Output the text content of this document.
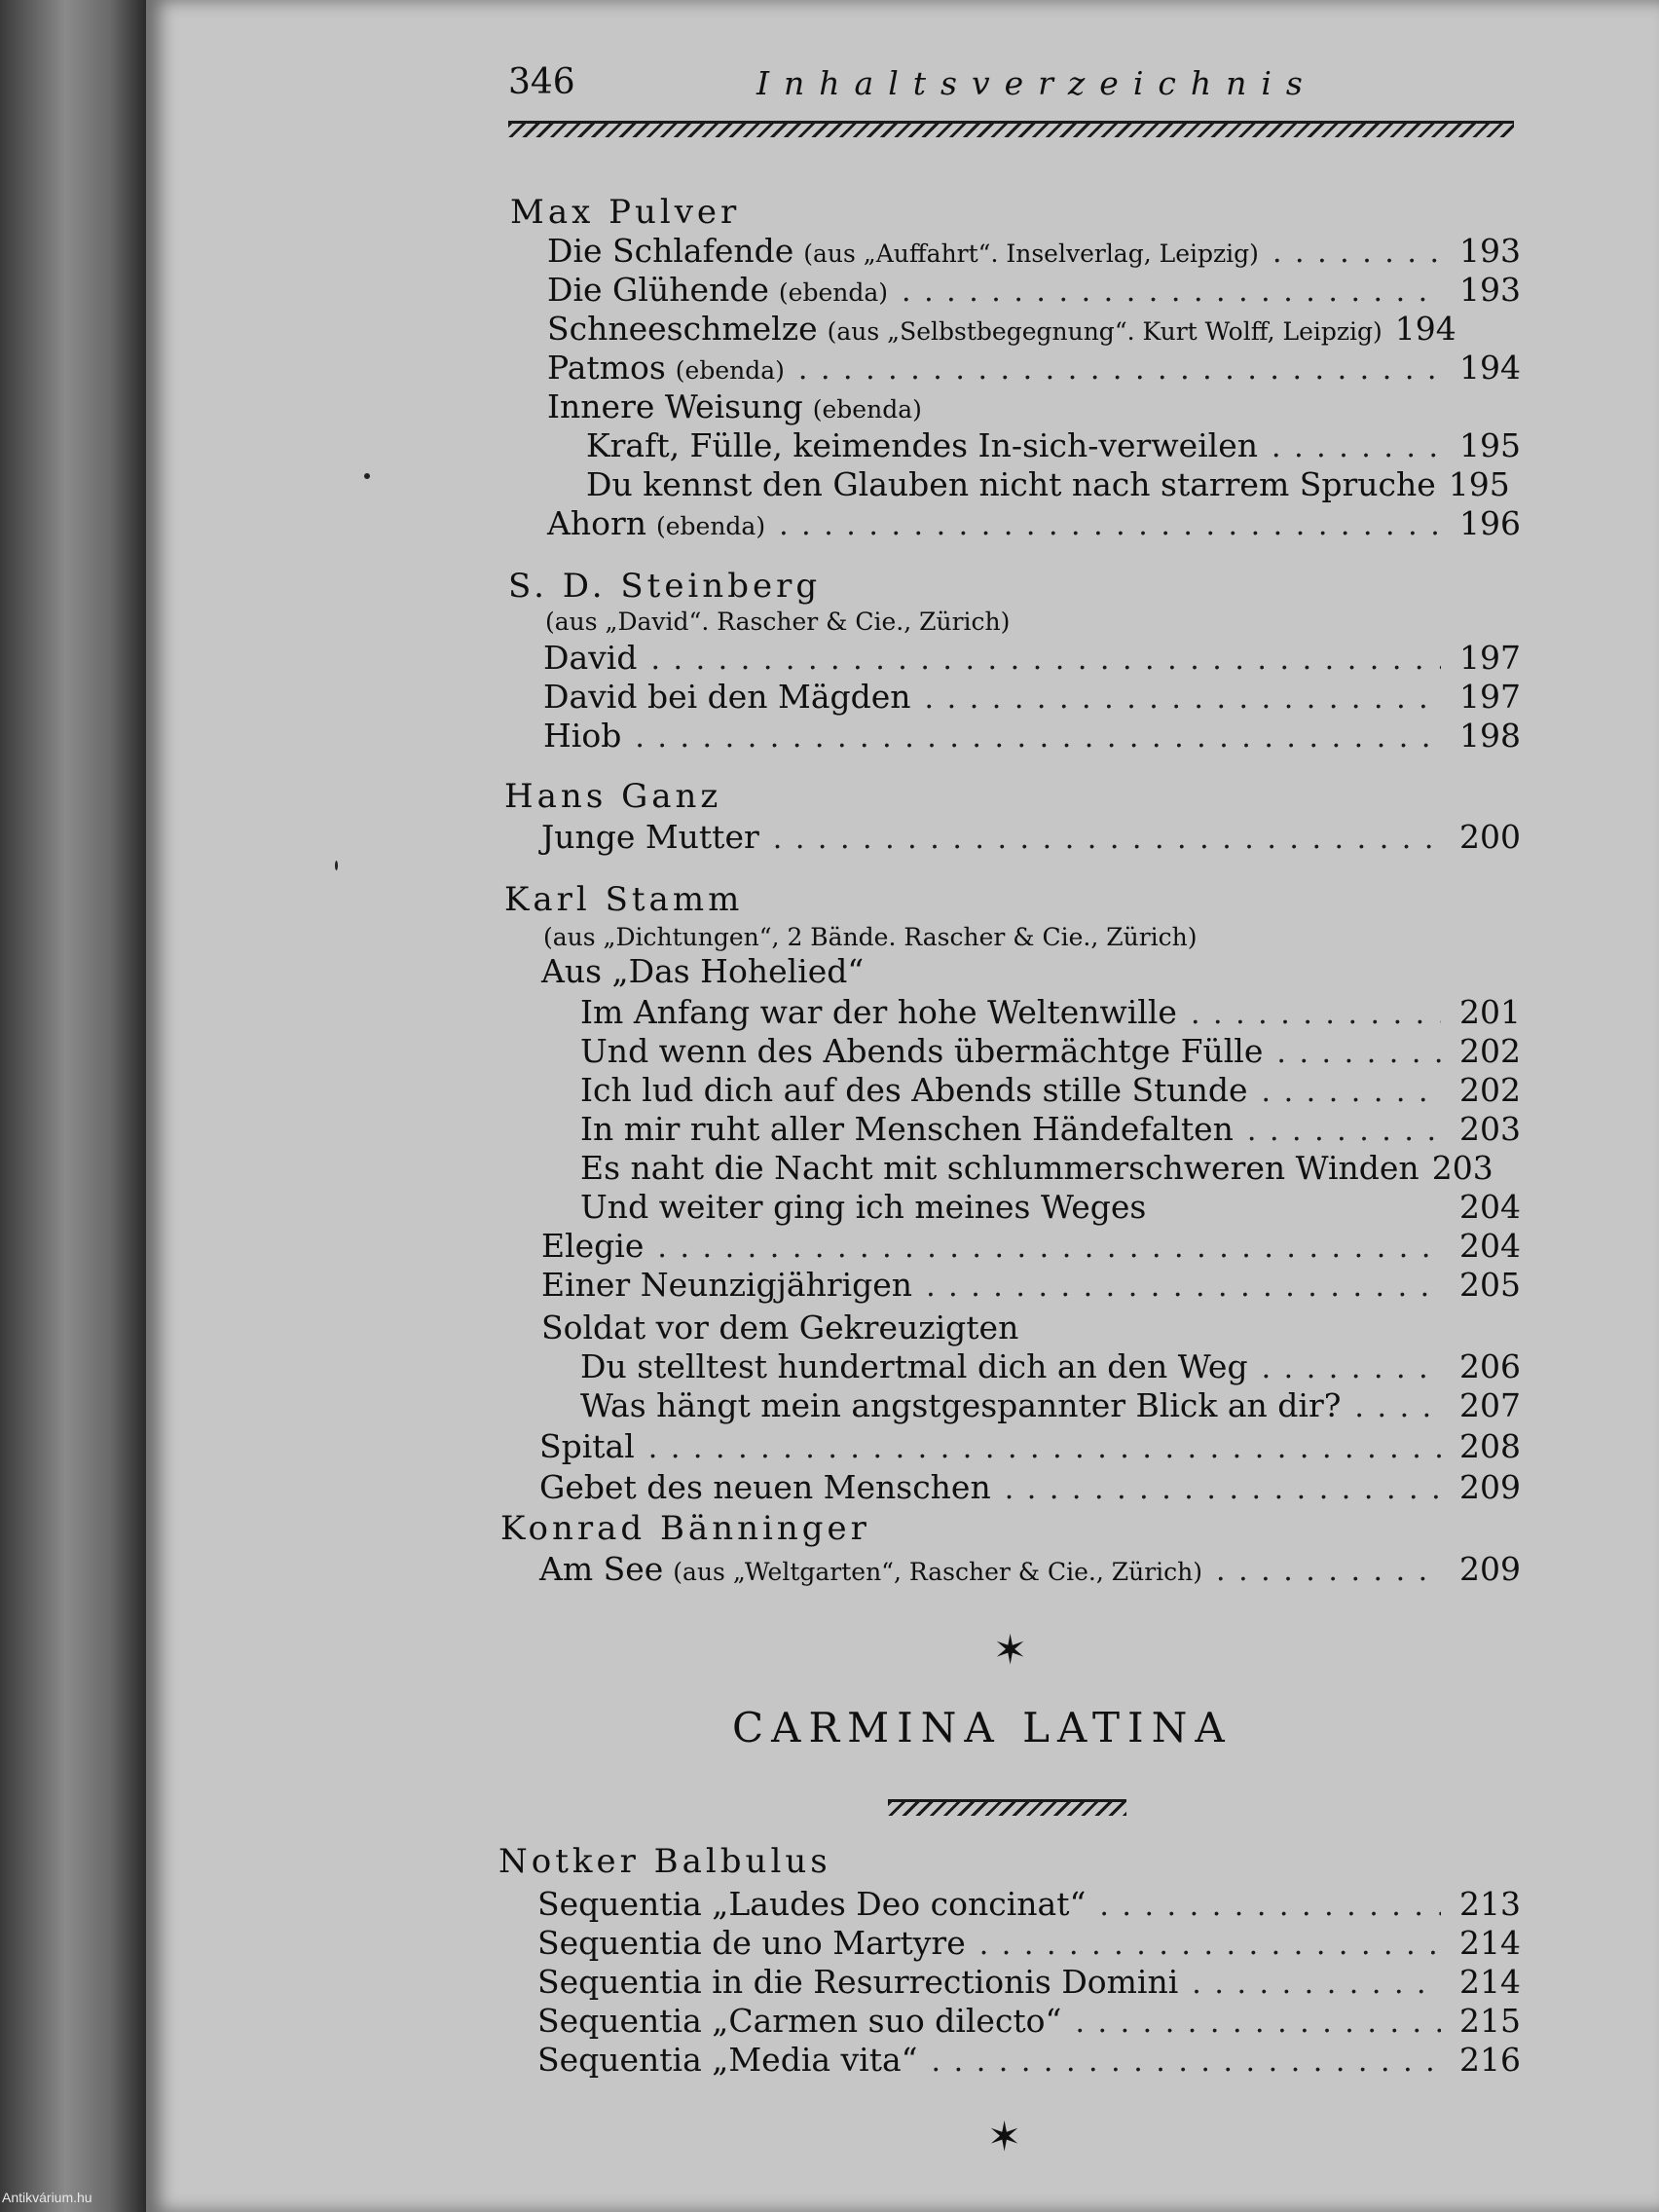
346	Inhaltsverzeichnis
Max Pulver
Die Schlafende (aus „Auffahrt“. Inselverlag, Leipzig) . . .	193
Die Glühende (ebenda) . . .	193
Schneeschmelze (aus „Selbstbegegnung“. Kurt Wolff, Leipzig) 194
Patmos (ebenda) . . .	194
Innere Weisung (ebenda)
Kraft, Fülle, keimendes In-sich-verweilen . . .	195
Du kennst den Glauben nicht nach starrem Spruche 195
Ahorn (ebenda) . . .	196
S. D. Steinberg
(aus „David“. Rascher & Cie., Zürich)
David . . .	197
David bei den Mägden . . .	197
Hiob . . .	198
Hans Ganz
Junge Mutter . . .	200
Karl Stamm
(aus „Dichtungen“, 2 Bände. Rascher & Cie., Zürich)
Aus „Das Hohelied“
Im Anfang war der hohe Weltenwille . . .	201
Und wenn des Abends übermächtge Fülle . . .	202
Ich lud dich auf des Abends stille Stunde . . .	202
In mir ruht aller Menschen Händefalten . . .	203
Es naht die Nacht mit schlummerschweren Winden 203
Und weiter ging ich meines Weges	204
Elegie . . .	204
Einer Neunzigjährigen . . .	205
Soldat vor dem Gekreuzigten
Du stelltest hundertmal dich an den Weg . . .	206
Was hängt mein angstgespannter Blick an dir? . . .	207
Spital . . .	208
Gebet des neuen Menschen . . .	209
Konrad Bänninger
Am See (aus „Weltgarten“, Rascher & Cie., Zürich) . . .	209
✶
CARMINA LATINA
Notker Balbulus
Sequentia „Laudes Deo concinat“ . . .	213
Sequentia de uno Martyre . . .	214
Sequentia in die Resurrectionis Domini . . .	214
Sequentia „Carmen suo dilecto“ . . .	215
Sequentia „Media vita“ . . .	216
✶
Antikvárium.hu
